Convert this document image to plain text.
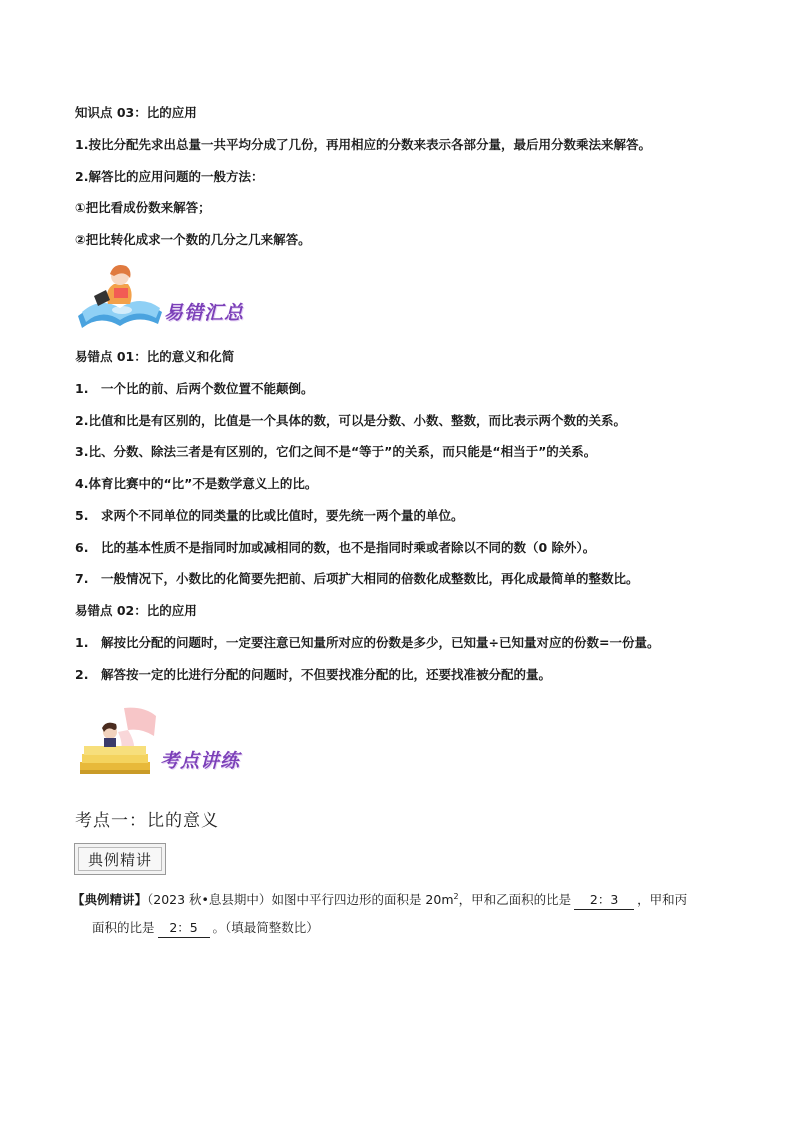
知识点 03：比的应用
1.按比分配先求出总量一共平均分成了几份，再用相应的分数来表示各部分量，最后用分数乘法来解答。
2.解答比的应用问题的一般方法：
①把比看成份数来解答；
②把比转化成求一个数的几分之几来解答。
易错汇总
易错点 01：比的意义和化简
1. 一个比的前、后两个数位置不能颠倒。
2.比值和比是有区别的，比值是一个具体的数，可以是分数、小数、整数，而比表示两个数的关系。
3.比、分数、除法三者是有区别的，它们之间不是“等于”的关系，而只能是“相当于”的关系。
4.体育比赛中的“比”不是数学意义上的比。
5. 求两个不同单位的同类量的比或比值时，要先统一两个量的单位。
6. 比的基本性质不是指同时加或减相同的数，也不是指同时乘或者除以不同的数（0 除外）。
7. 一般情况下，小数比的化简要先把前、后项扩大相同的倍数化成整数比，再化成最简单的整数比。
易错点 02：比的应用
1. 解按比分配的问题时，一定要注意已知量所对应的份数是多少，已知量÷已知量对应的份数=一份量。
2. 解答按一定的比进行分配的问题时，不但要找准分配的比，还要找准被分配的量。
考点讲练
考点一：比的意义
典例精讲
【典例精讲】（2023 秋•息县期中）如图中平行四边形的面积是 $20m^2$，甲和乙面积的比是 2：3 ，甲和丙
面积的比是 2：5 。（填最简整数比）
